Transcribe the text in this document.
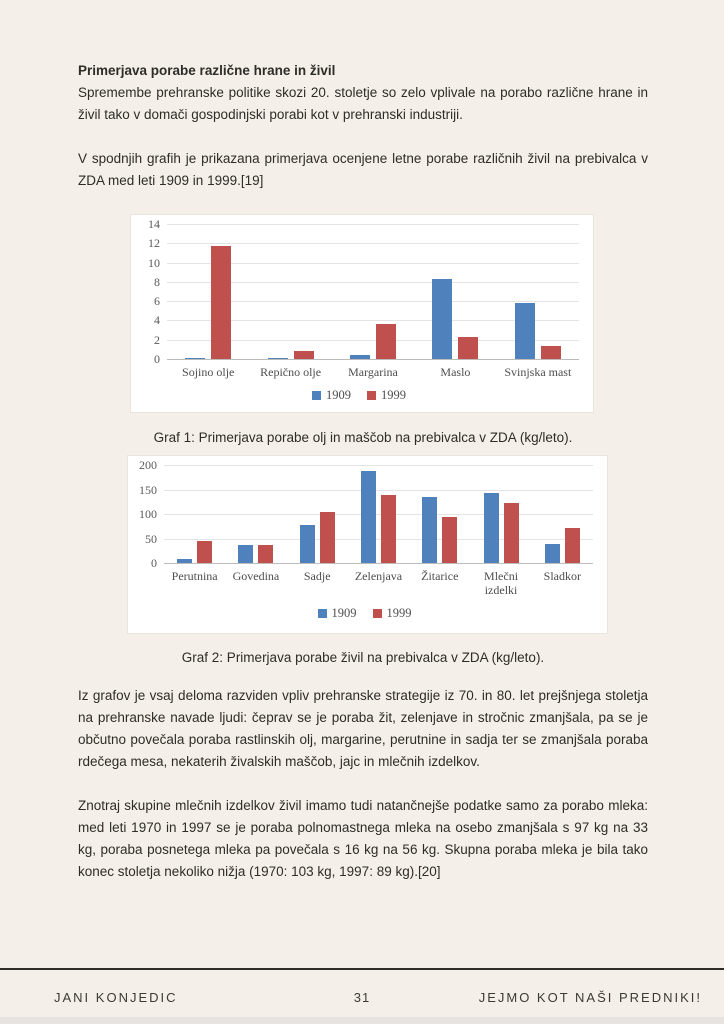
Primerjava porabe različne hrane in živil

Spremembe prehranske politike skozi 20. stoletje so zelo vplivale na porabo različne hrane in živil tako v domači gospodinjski porabi kot v prehranski industriji.

V spodnjih grafih je prikazana primerjava ocenjene letne porabe različnih živil na prebivalca v ZDA med leti 1909 in 1999.[19]

0
2
4
6
8
10
12
14
Sojino olje	Repično olje	Margarina	Maslo	Svinjska mast
1909 1999

Graf 1: Primerjava porabe olj in maščob na prebivalca v ZDA (kg/leto).

0
50
100
150
200
Perutnina	Govedina	Sadje	Zelenjava	Žitarice	Mlečni izdelki
Sladkor
1909 1999

Graf 2: Primerjava porabe živil na prebivalca v ZDA (kg/leto).

Iz grafov je vsaj deloma razviden vpliv prehranske strategije iz 70. in 80. let prejšnjega stoletja na prehranske navade ljudi: čeprav se je poraba žit, zelenjave in stročnic zmanjšala, pa se je občutno povečala poraba rastlinskih olj, margarine, perutnine in sadja ter se zmanjšala poraba rdečega mesa, nekaterih živalskih maščob, jajc in mlečnih izdelkov.

Znotraj skupine mlečnih izdelkov živil imamo tudi natančnejše podatke samo za porabo mleka: med leti 1970 in 1997 se je poraba polnomastnega mleka na osebo zmanjšala s 97 kg na 33 kg, poraba posnetega mleka pa povečala s 16 kg na 56 kg. Skupna poraba mleka je bila tako konec stoletja nekoliko nižja (1970: 103 kg, 1997: 89 kg).[20]

JANI KONJEDIC	31	JEJMO KOT NAŠI PREDNIKI!
